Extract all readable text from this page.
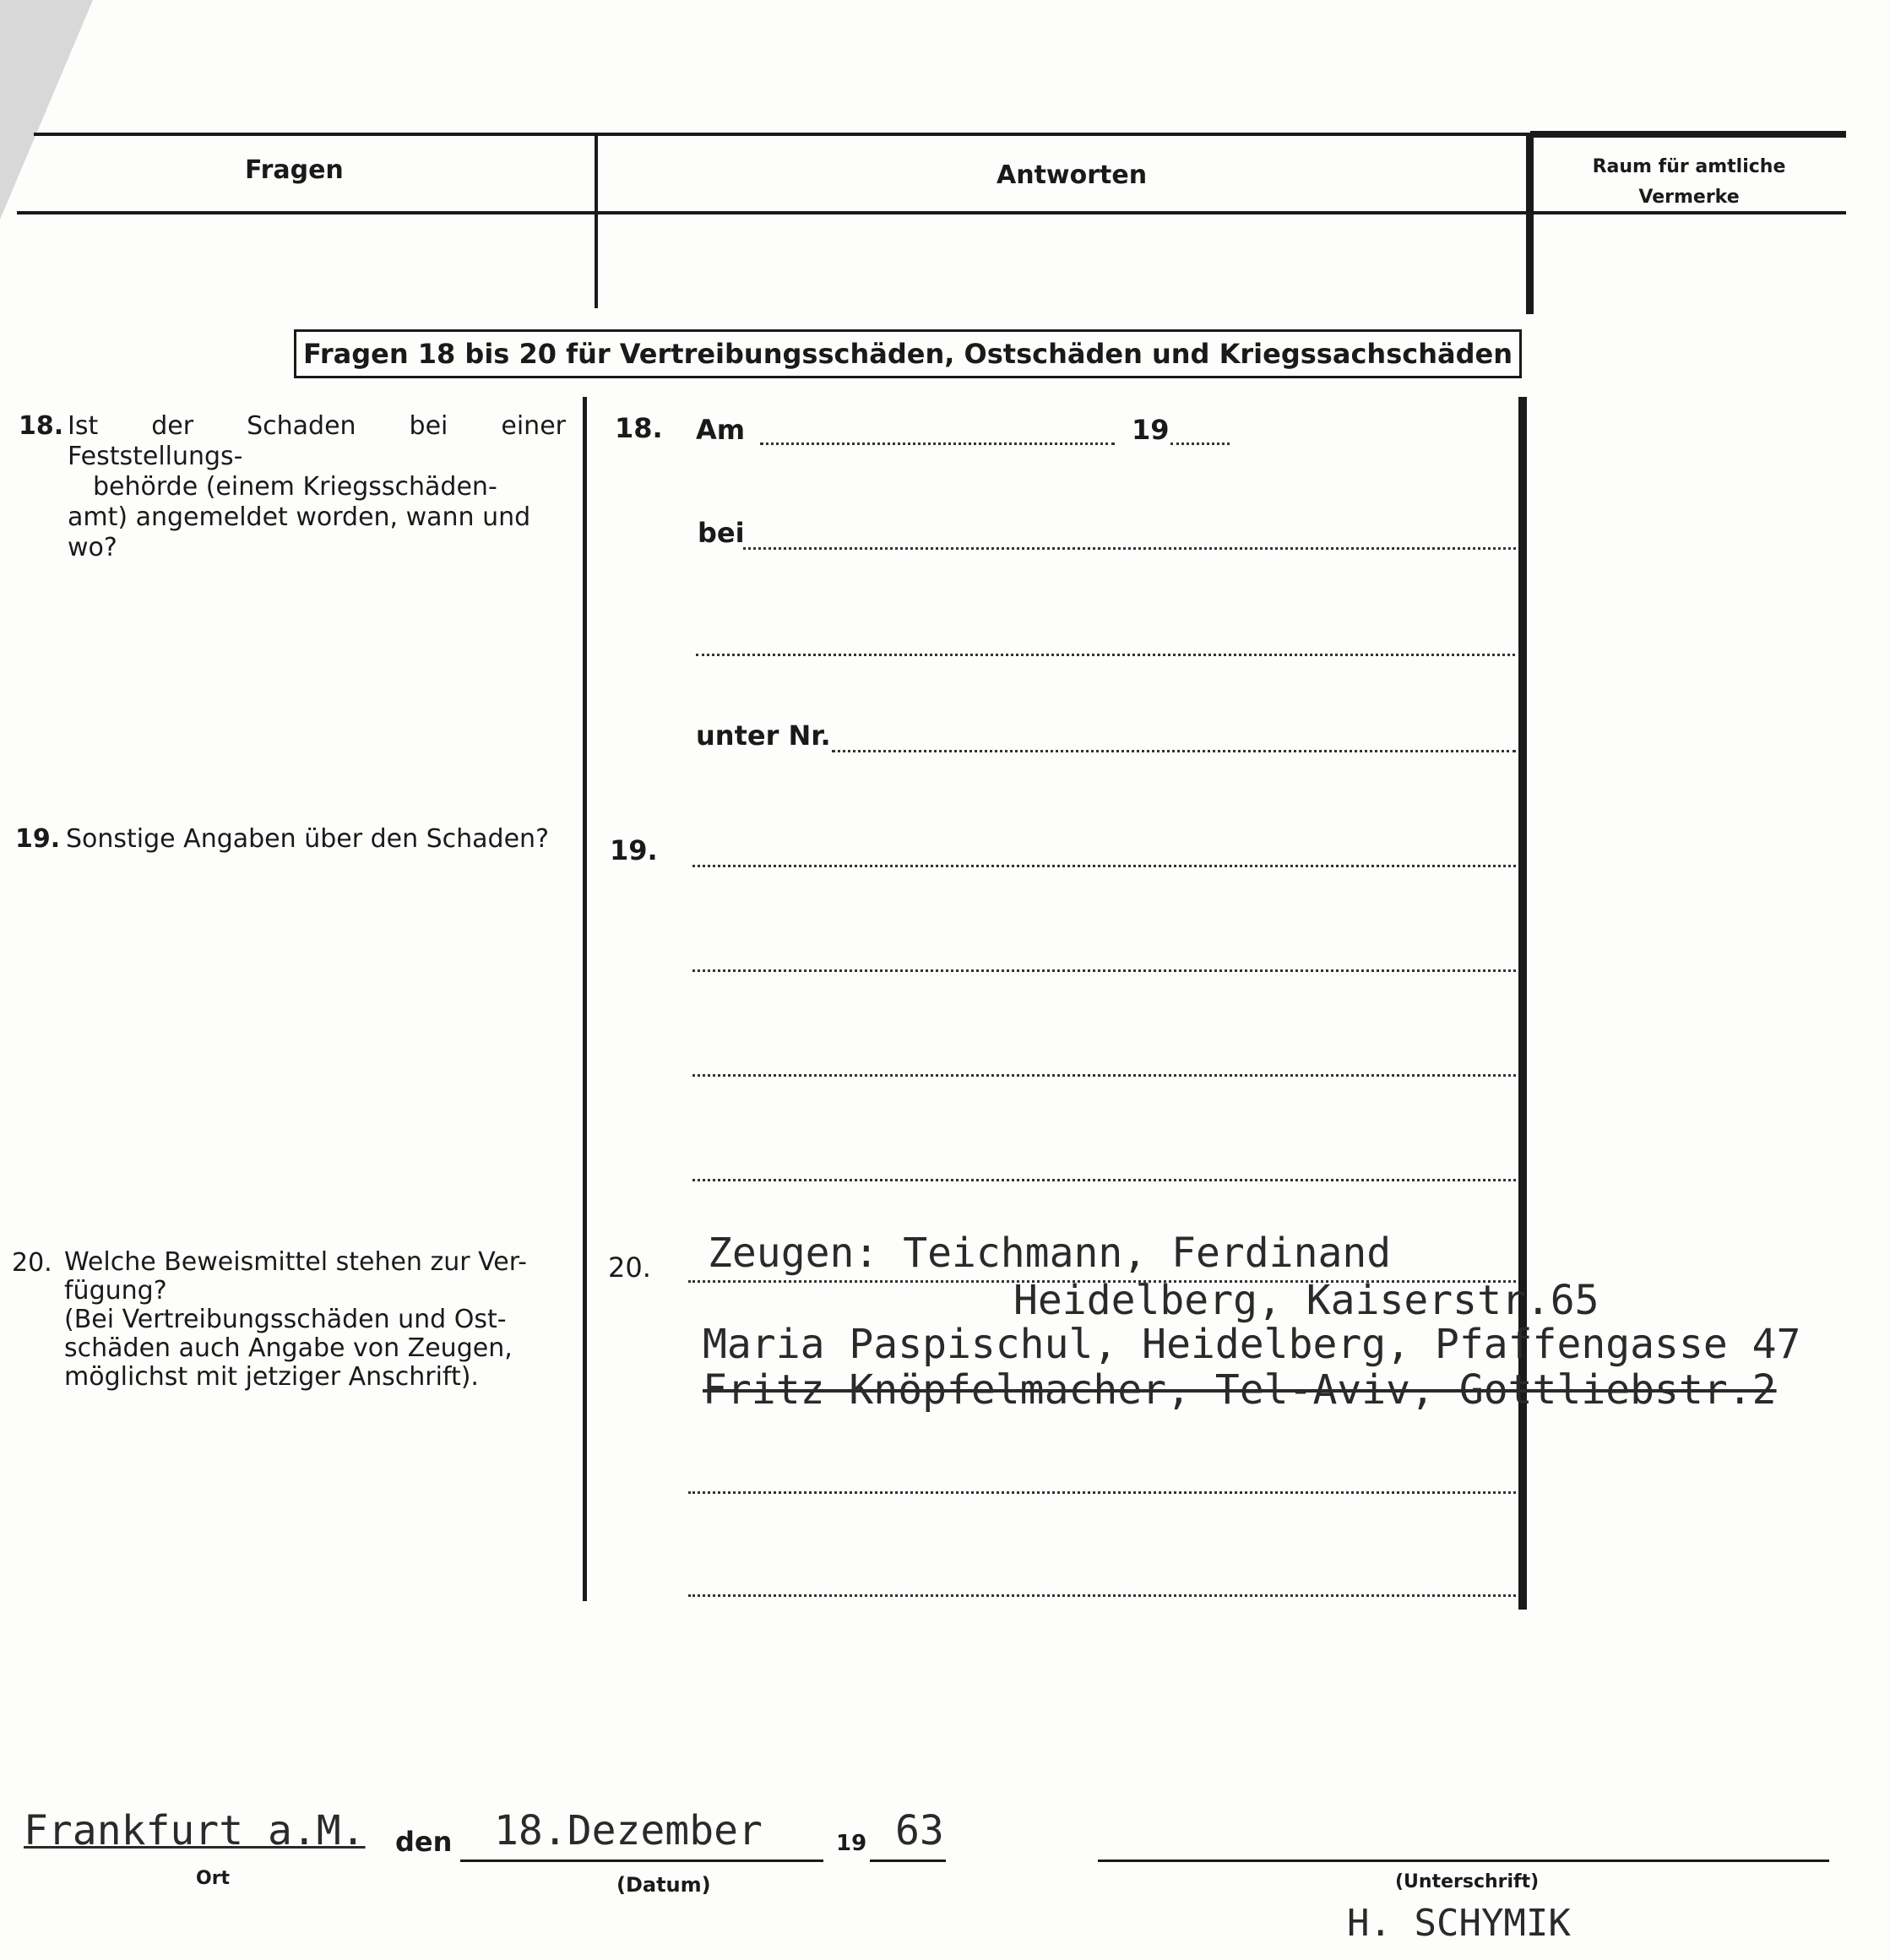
Fragen	Antworten	Raum für amtliche
Vermerke
Fragen 18 bis 20 für Vertreibungsschäden, Ostschäden und Kriegssachschäden
18. Ist der Schaden bei einer Feststellungs-
behörde (einem Kriegsschäden-
amt) angemeldet worden, wann und
wo?
18. Am	19
bei
unter Nr.
19. Sonstige Angaben über den Schaden?	19.
20. Welche Beweismittel stehen zur Ver-
fügung?
(Bei Vertreibungsschäden und Ost-
schäden auch Angabe von Zeugen,
möglichst mit jetziger Anschrift).
20. Zeugen: Teichmann, Ferdinand
Heidelberg, Kaiserstr.65
Maria Paspischul, Heidelberg, Pfaffengasse 47
Fritz Knöpfelmacher, Tel-Aviv, Gottliebstr.2
Frankfurt a.M. den 18.Dezember	19 63
Ort	(Datum)	(Unterschrift)
H. SCHYMIK
